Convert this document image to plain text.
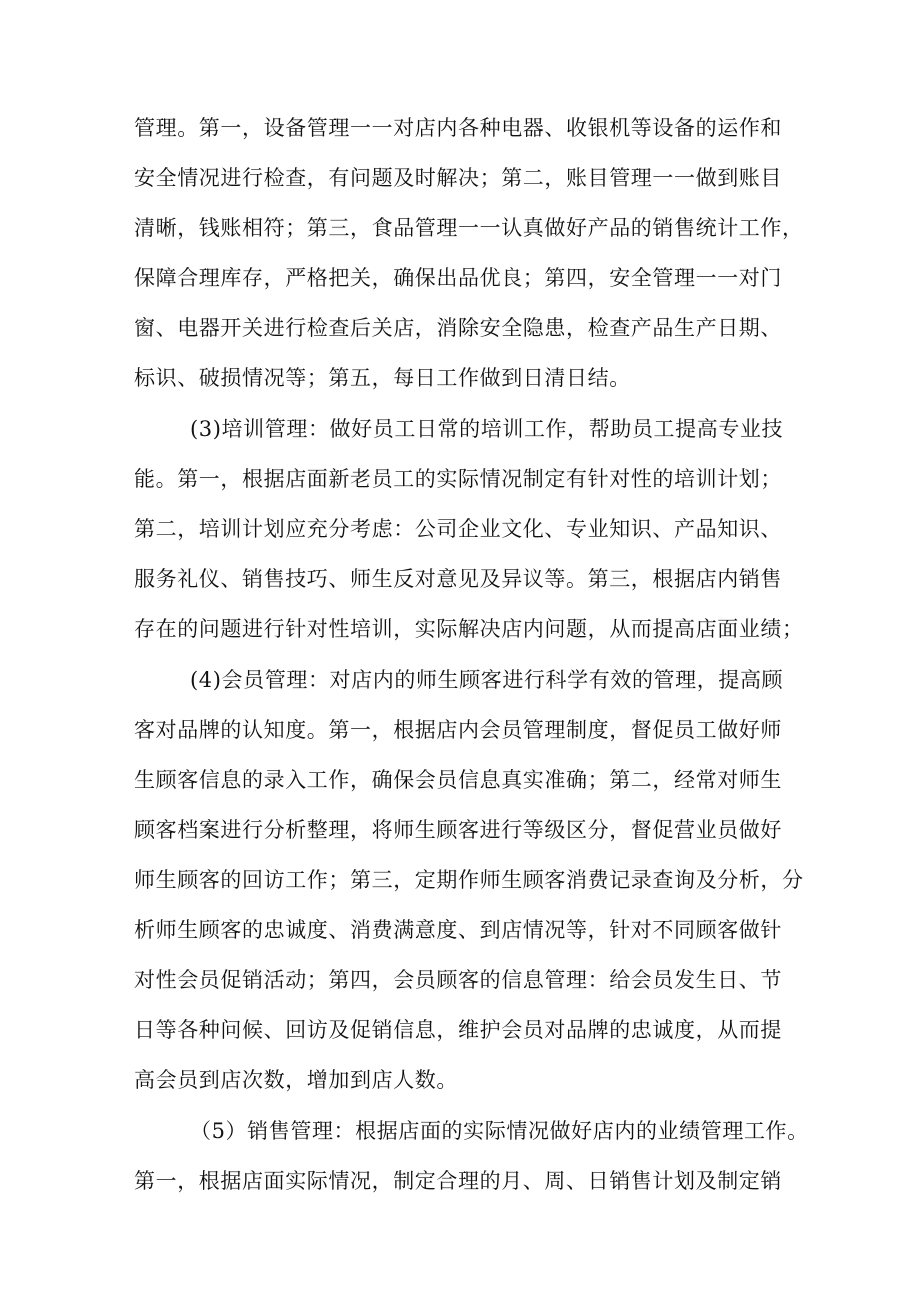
管理。第一，设备管理一一对店内各种电器、收银机等设备的运作和
安全情况进行检查，有问题及时解决；第二，账目管理一一做到账目
清晰，钱账相符；第三，食品管理一一认真做好产品的销售统计工作，
保障合理库存，严格把关，确保出品优良；第四，安全管理一一对门
窗、电器开关进行检查后关店，消除安全隐患，检查产品生产日期、
标识、破损情况等；第五，每日工作做到日清日结。
(3)培训管理：做好员工日常的培训工作，帮助员工提高专业技
能。第一，根据店面新老员工的实际情况制定有针对性的培训计划；
第二，培训计划应充分考虑：公司企业文化、专业知识、产品知识、
服务礼仪、销售技巧、师生反对意见及异议等。第三，根据店内销售
存在的问题进行针对性培训，实际解决店内问题，从而提高店面业绩；
(4)会员管理：对店内的师生顾客进行科学有效的管理，提高顾
客对品牌的认知度。第一，根据店内会员管理制度，督促员工做好师
生顾客信息的录入工作，确保会员信息真实准确；第二，经常对师生
顾客档案进行分析整理，将师生顾客进行等级区分，督促营业员做好
师生顾客的回访工作；第三，定期作师生顾客消费记录查询及分析，分
析师生顾客的忠诚度、消费满意度、到店情况等，针对不同顾客做针
对性会员促销活动；第四，会员顾客的信息管理：给会员发生日、节
日等各种问候、回访及促销信息，维护会员对品牌的忠诚度，从而提
高会员到店次数，增加到店人数。
（5）销售管理：根据店面的实际情况做好店内的业绩管理工作。
第一，根据店面实际情况，制定合理的月、周、日销售计划及制定销
